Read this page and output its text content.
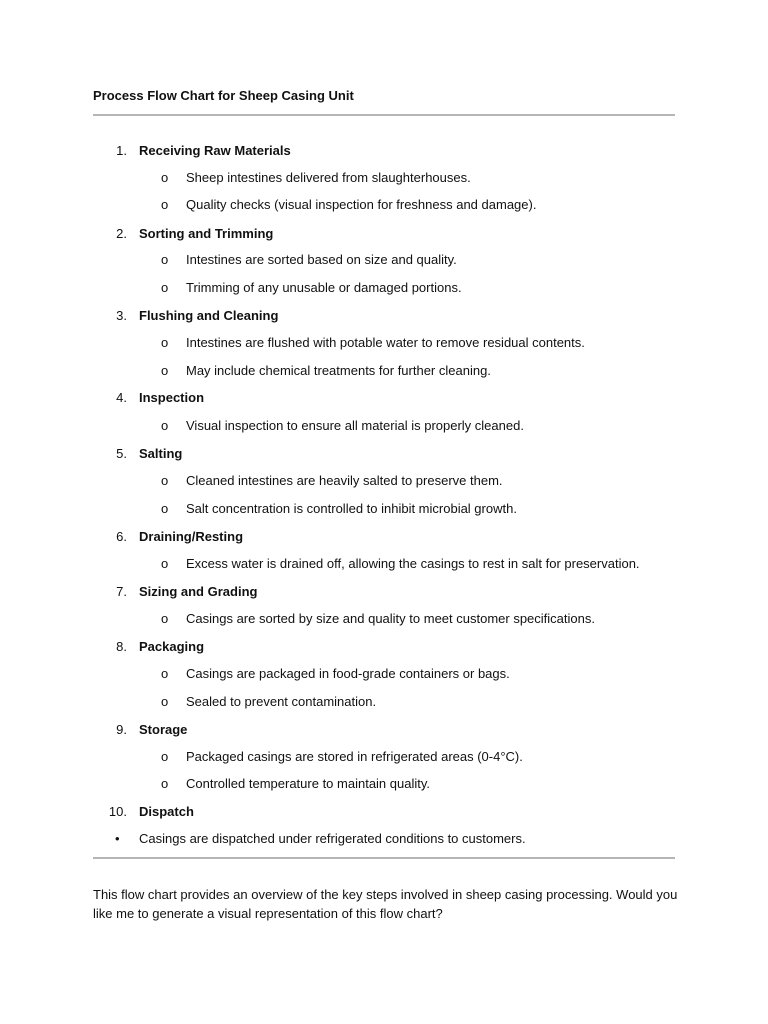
Process Flow Chart for Sheep Casing Unit
1. Receiving Raw Materials
o Sheep intestines delivered from slaughterhouses.
o Quality checks (visual inspection for freshness and damage).
2. Sorting and Trimming
o Intestines are sorted based on size and quality.
o Trimming of any unusable or damaged portions.
3. Flushing and Cleaning
o Intestines are flushed with potable water to remove residual contents.
o May include chemical treatments for further cleaning.
4. Inspection
o Visual inspection to ensure all material is properly cleaned.
5. Salting
o Cleaned intestines are heavily salted to preserve them.
o Salt concentration is controlled to inhibit microbial growth.
6. Draining/Resting
o Excess water is drained off, allowing the casings to rest in salt for preservation.
7. Sizing and Grading
o Casings are sorted by size and quality to meet customer specifications.
8. Packaging
o Casings are packaged in food-grade containers or bags.
o Sealed to prevent contamination.
9. Storage
o Packaged casings are stored in refrigerated areas (0-4°C).
o Controlled temperature to maintain quality.
10. Dispatch
• Casings are dispatched under refrigerated conditions to customers.
This flow chart provides an overview of the key steps involved in sheep casing processing. Would you like me to generate a visual representation of this flow chart?
